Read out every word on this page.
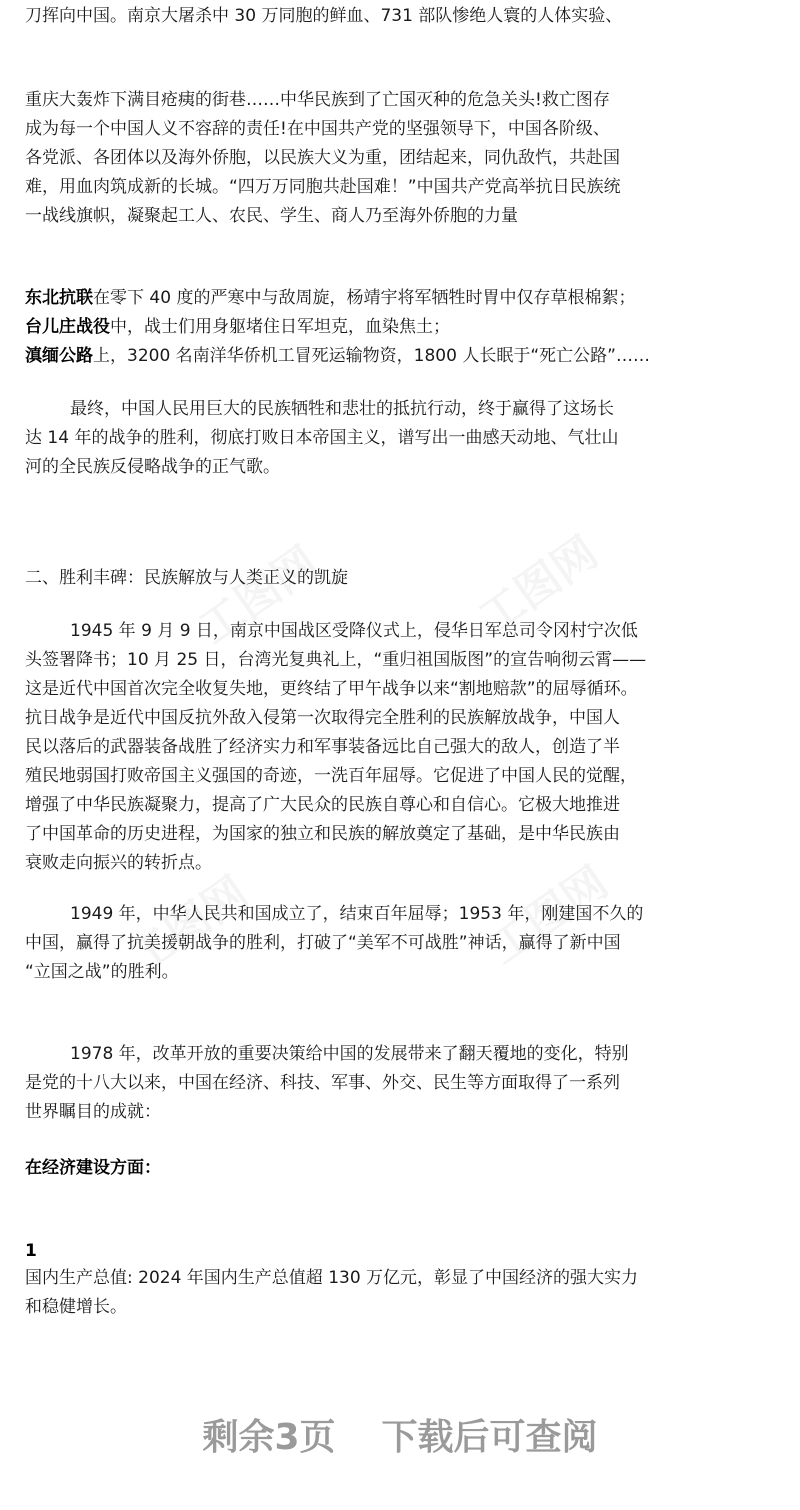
刀挥向中国。南京大屠杀中 30 万同胞的鲜血、731 部队惨绝人寰的人体实验、
重庆大轰炸下满目疮痍的街巷……中华民族到了亡国灭种的危急关头!救亡图存
成为每一个中国人义不容辞的责任!在中国共产党的坚强领导下，中国各阶级、
各党派、各团体以及海外侨胞，以民族大义为重，团结起来，同仇敌忾，共赴国
难，用血肉筑成新的长城。“四万万同胞共赴国难！”中国共产党高举抗日民族统
一战线旗帜，凝聚起工人、农民、学生、商人乃至海外侨胞的力量
东北抗联在零下 40 度的严寒中与敌周旋，杨靖宇将军牺牲时胃中仅存草根棉絮；
台儿庄战役中，战士们用身躯堵住日军坦克，血染焦土；
滇缅公路上，3200 名南洋华侨机工冒死运输物资，1800 人长眠于“死亡公路”……
最终，中国人民用巨大的民族牺牲和悲壮的抵抗行动，终于赢得了这场长
达 14 年的战争的胜利，彻底打败日本帝国主义，谱写出一曲感天动地、气壮山
河的全民族反侵略战争的正气歌。
二、胜利丰碑：民族解放与人类正义的凯旋
1945 年 9 月 9 日，南京中国战区受降仪式上，侵华日军总司令冈村宁次低
头签署降书；10 月 25 日，台湾光复典礼上，“重归祖国版图”的宣告响彻云霄——
这是近代中国首次完全收复失地，更终结了甲午战争以来“割地赔款”的屈辱循环。
抗日战争是近代中国反抗外敌入侵第一次取得完全胜利的民族解放战争，中国人
民以落后的武器装备战胜了经济实力和军事装备远比自己强大的敌人，创造了半
殖民地弱国打败帝国主义强国的奇迹，一洗百年屈辱。它促进了中国人民的觉醒，
增强了中华民族凝聚力，提高了广大民众的民族自尊心和自信心。它极大地推进
了中国革命的历史进程，为国家的独立和民族的解放奠定了基础，是中华民族由
衰败走向振兴的转折点。
1949 年，中华人民共和国成立了，结束百年屈辱；1953 年，刚建国不久的
中国，赢得了抗美援朝战争的胜利，打破了“美军不可战胜”神话，赢得了新中国
“立国之战”的胜利。
1978 年，改革开放的重要决策给中国的发展带来了翻天覆地的变化，特别
是党的十八大以来，中国在经济、科技、军事、外交、民生等方面取得了一系列
世界瞩目的成就：
在经济建设方面：
1
国内生产总值: 2024 年国内生产总值超 130 万亿元，彰显了中国经济的强大实力
和稳健增长。
剩余3页 下载后可查阅
